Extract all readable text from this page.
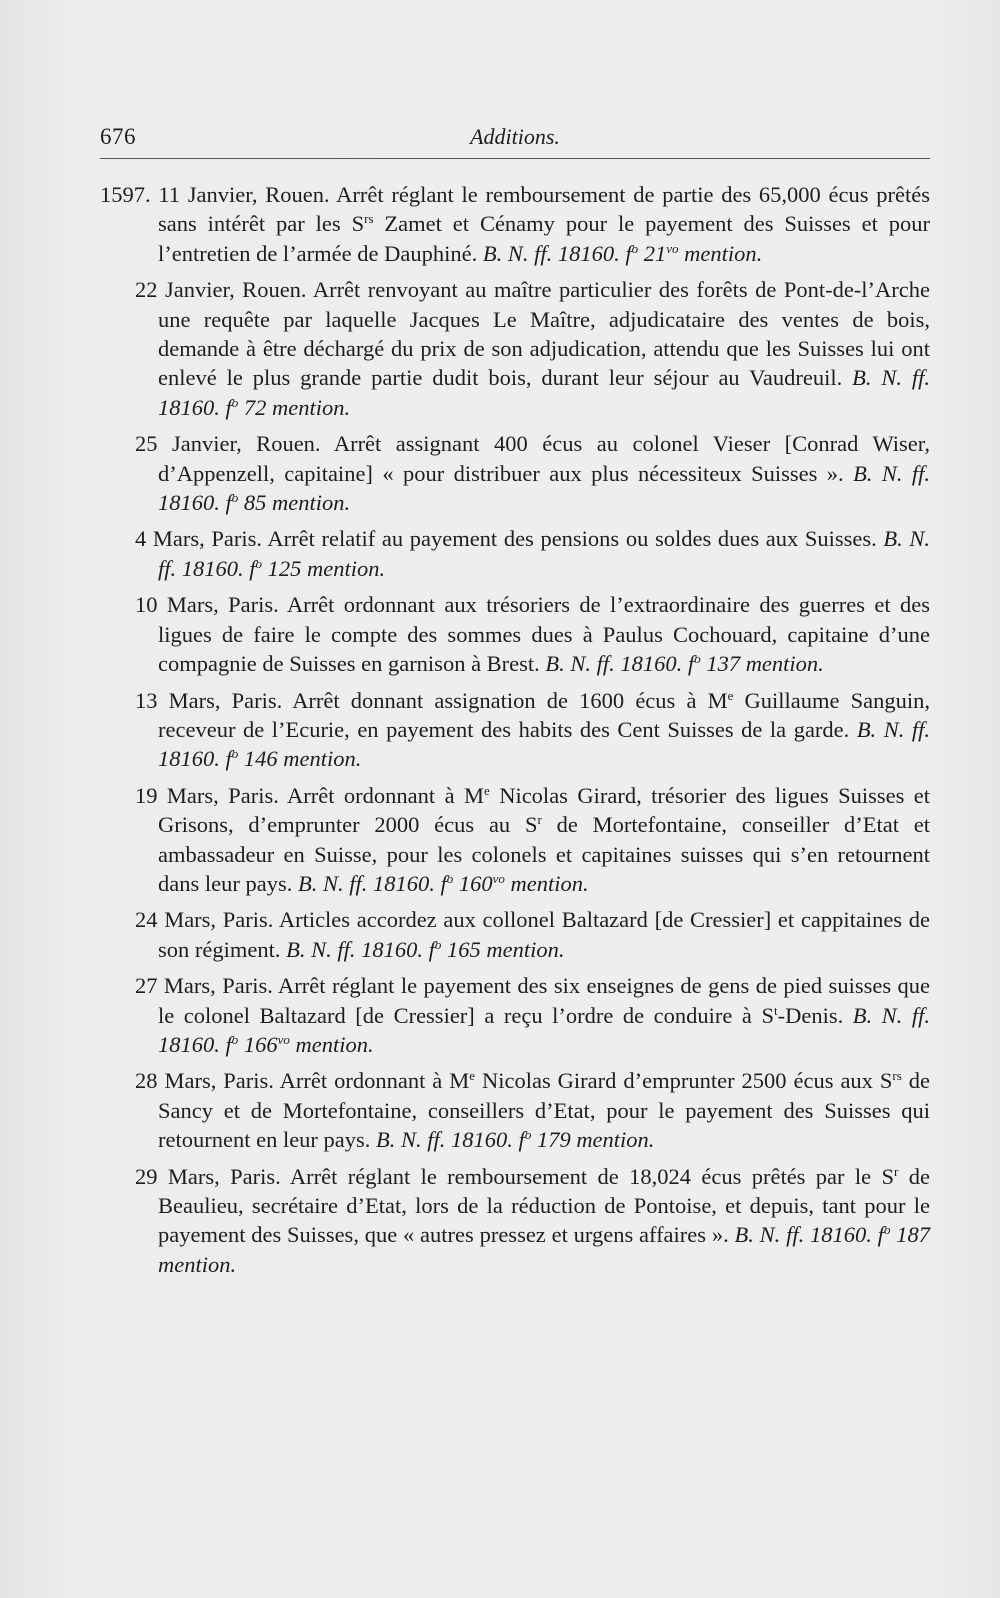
676	Additions.

1597. 11 Janvier, Rouen. Arrêt réglant le remboursement de partie des 65,000 écus prêtés sans intérêt par les $S^{rs}$ Zamet et Cénamy pour le payement des Suisses et pour l’entretien de l’armée de Dauphiné. B. N. ff. 18160. $f^o$ $21^{vo}$ mention.

22 Janvier, Rouen. Arrêt renvoyant au maître particulier des forêts de Pont-de-l’Arche une requête par laquelle Jacques Le Maître, adjudicataire des ventes de bois, demande à être déchargé du prix de son adjudication, attendu que les Suisses lui ont enlevé le plus grande partie dudit bois, durant leur séjour au Vaudreuil. B. N. ff. 18160. $f^o$ 72 mention.

25 Janvier, Rouen. Arrêt assignant 400 écus au colonel Vieser [Conrad Wiser, d’Appenzell, capitaine] « pour distribuer aux plus nécessiteux Suisses ». B. N. ff. 18160. $f^o$ 85 mention.

4 Mars, Paris. Arrêt relatif au payement des pensions ou soldes dues aux Suisses. B. N. ff. 18160. $f^o$ 125 mention.

10 Mars, Paris. Arrêt ordonnant aux trésoriers de l’extraordinaire des guerres et des ligues de faire le compte des sommes dues à Paulus Cochouard, capitaine d’une compagnie de Suisses en garnison à Brest. B. N. ff. 18160. $f^o$ 137 mention.

13 Mars, Paris. Arrêt donnant assignation de 1600 écus à Me Guillaume Sanguin, receveur de l’Ecurie, en payement des habits des Cent Suisses de la garde. B. N. ff. 18160. $f^o$ 146 mention.

19 Mars, Paris. Arrêt ordonnant à Me Nicolas Girard, trésorier des ligues Suisses et Grisons, d’emprunter 2000 écus au $S^r$ de Mortefontaine, conseiller d’Etat et ambassadeur en Suisse, pour les colonels et capitaines suisses qui s’en retournent dans leur pays. B. N. ff. 18160. $f^o$ $160^{vo}$ mention.

24 Mars, Paris. Articles accordez aux collonel Baltazard [de Cressier] et cappitaines de son régiment. B. N. ff. 18160. $f^o$ 165 mention.

27 Mars, Paris. Arrêt réglant le payement des six enseignes de gens de pied suisses que le colonel Baltazard [de Cressier] a reçu l’ordre de conduire à $S^t$-Denis. B. N. ff. 18160. $f^o$ $166^{vo}$ mention.

28 Mars, Paris. Arrêt ordonnant à Me Nicolas Girard d’emprunter 2500 écus aux $S^{rs}$ de Sancy et de Mortefontaine, conseillers d’Etat, pour le payement des Suisses qui retournent en leur pays. B. N. ff. 18160. $f^o$ 179 mention.

29 Mars, Paris. Arrêt réglant le remboursement de 18,024 écus prêtés par le $S^r$ de Beaulieu, secrétaire d’Etat, lors de la réduction de Pontoise, et depuis, tant pour le payement des Suisses, que « autres pressez et urgens affaires ». B. N. ff. 18160. $f^o$ 187 mention.
